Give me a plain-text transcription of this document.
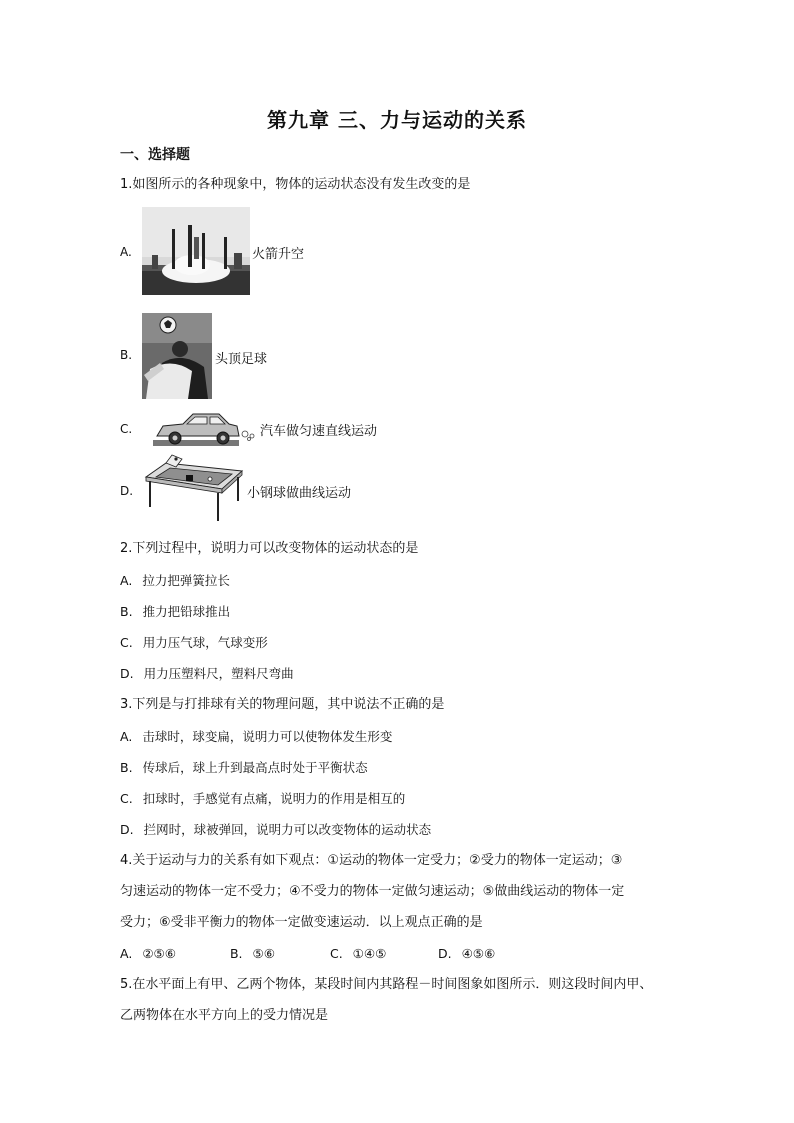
第九章 三、力与运动的关系
一、选择题
1.如图所示的各种现象中，物体的运动状态没有发生改变的是
A.	火箭升空
B.	头顶足球
C.	汽车做匀速直线运动
D.	小钢球做曲线运动
2.下列过程中，说明力可以改变物体的运动状态的是
A. 拉力把弹簧拉长
B. 推力把铅球推出
C. 用力压气球，气球变形
D. 用力压塑料尺，塑料尺弯曲
3.下列是与打排球有关的物理问题，其中说法不正确的是
A. 击球时，球变扁，说明力可以使物体发生形变
B. 传球后，球上升到最高点时处于平衡状态
C. 扣球时，手感觉有点痛，说明力的作用是相互的
D. 拦网时，球被弹回，说明力可以改变物体的运动状态
4.关于运动与力的关系有如下观点：①运动的物体一定受力；②受力的物体一定运动；③
匀速运动的物体一定不受力；④不受力的物体一定做匀速运动；⑤做曲线运动的物体一定
受力；⑥受非平衡力的物体一定做变速运动．以上观点正确的是
A. ②⑤⑥	B. ⑤⑥	C. ①④⑤	D. ④⑤⑥
5.在水平面上有甲、乙两个物体，某段时间内其路程－时间图象如图所示．则这段时间内甲、
乙两物体在水平方向上的受力情况是
